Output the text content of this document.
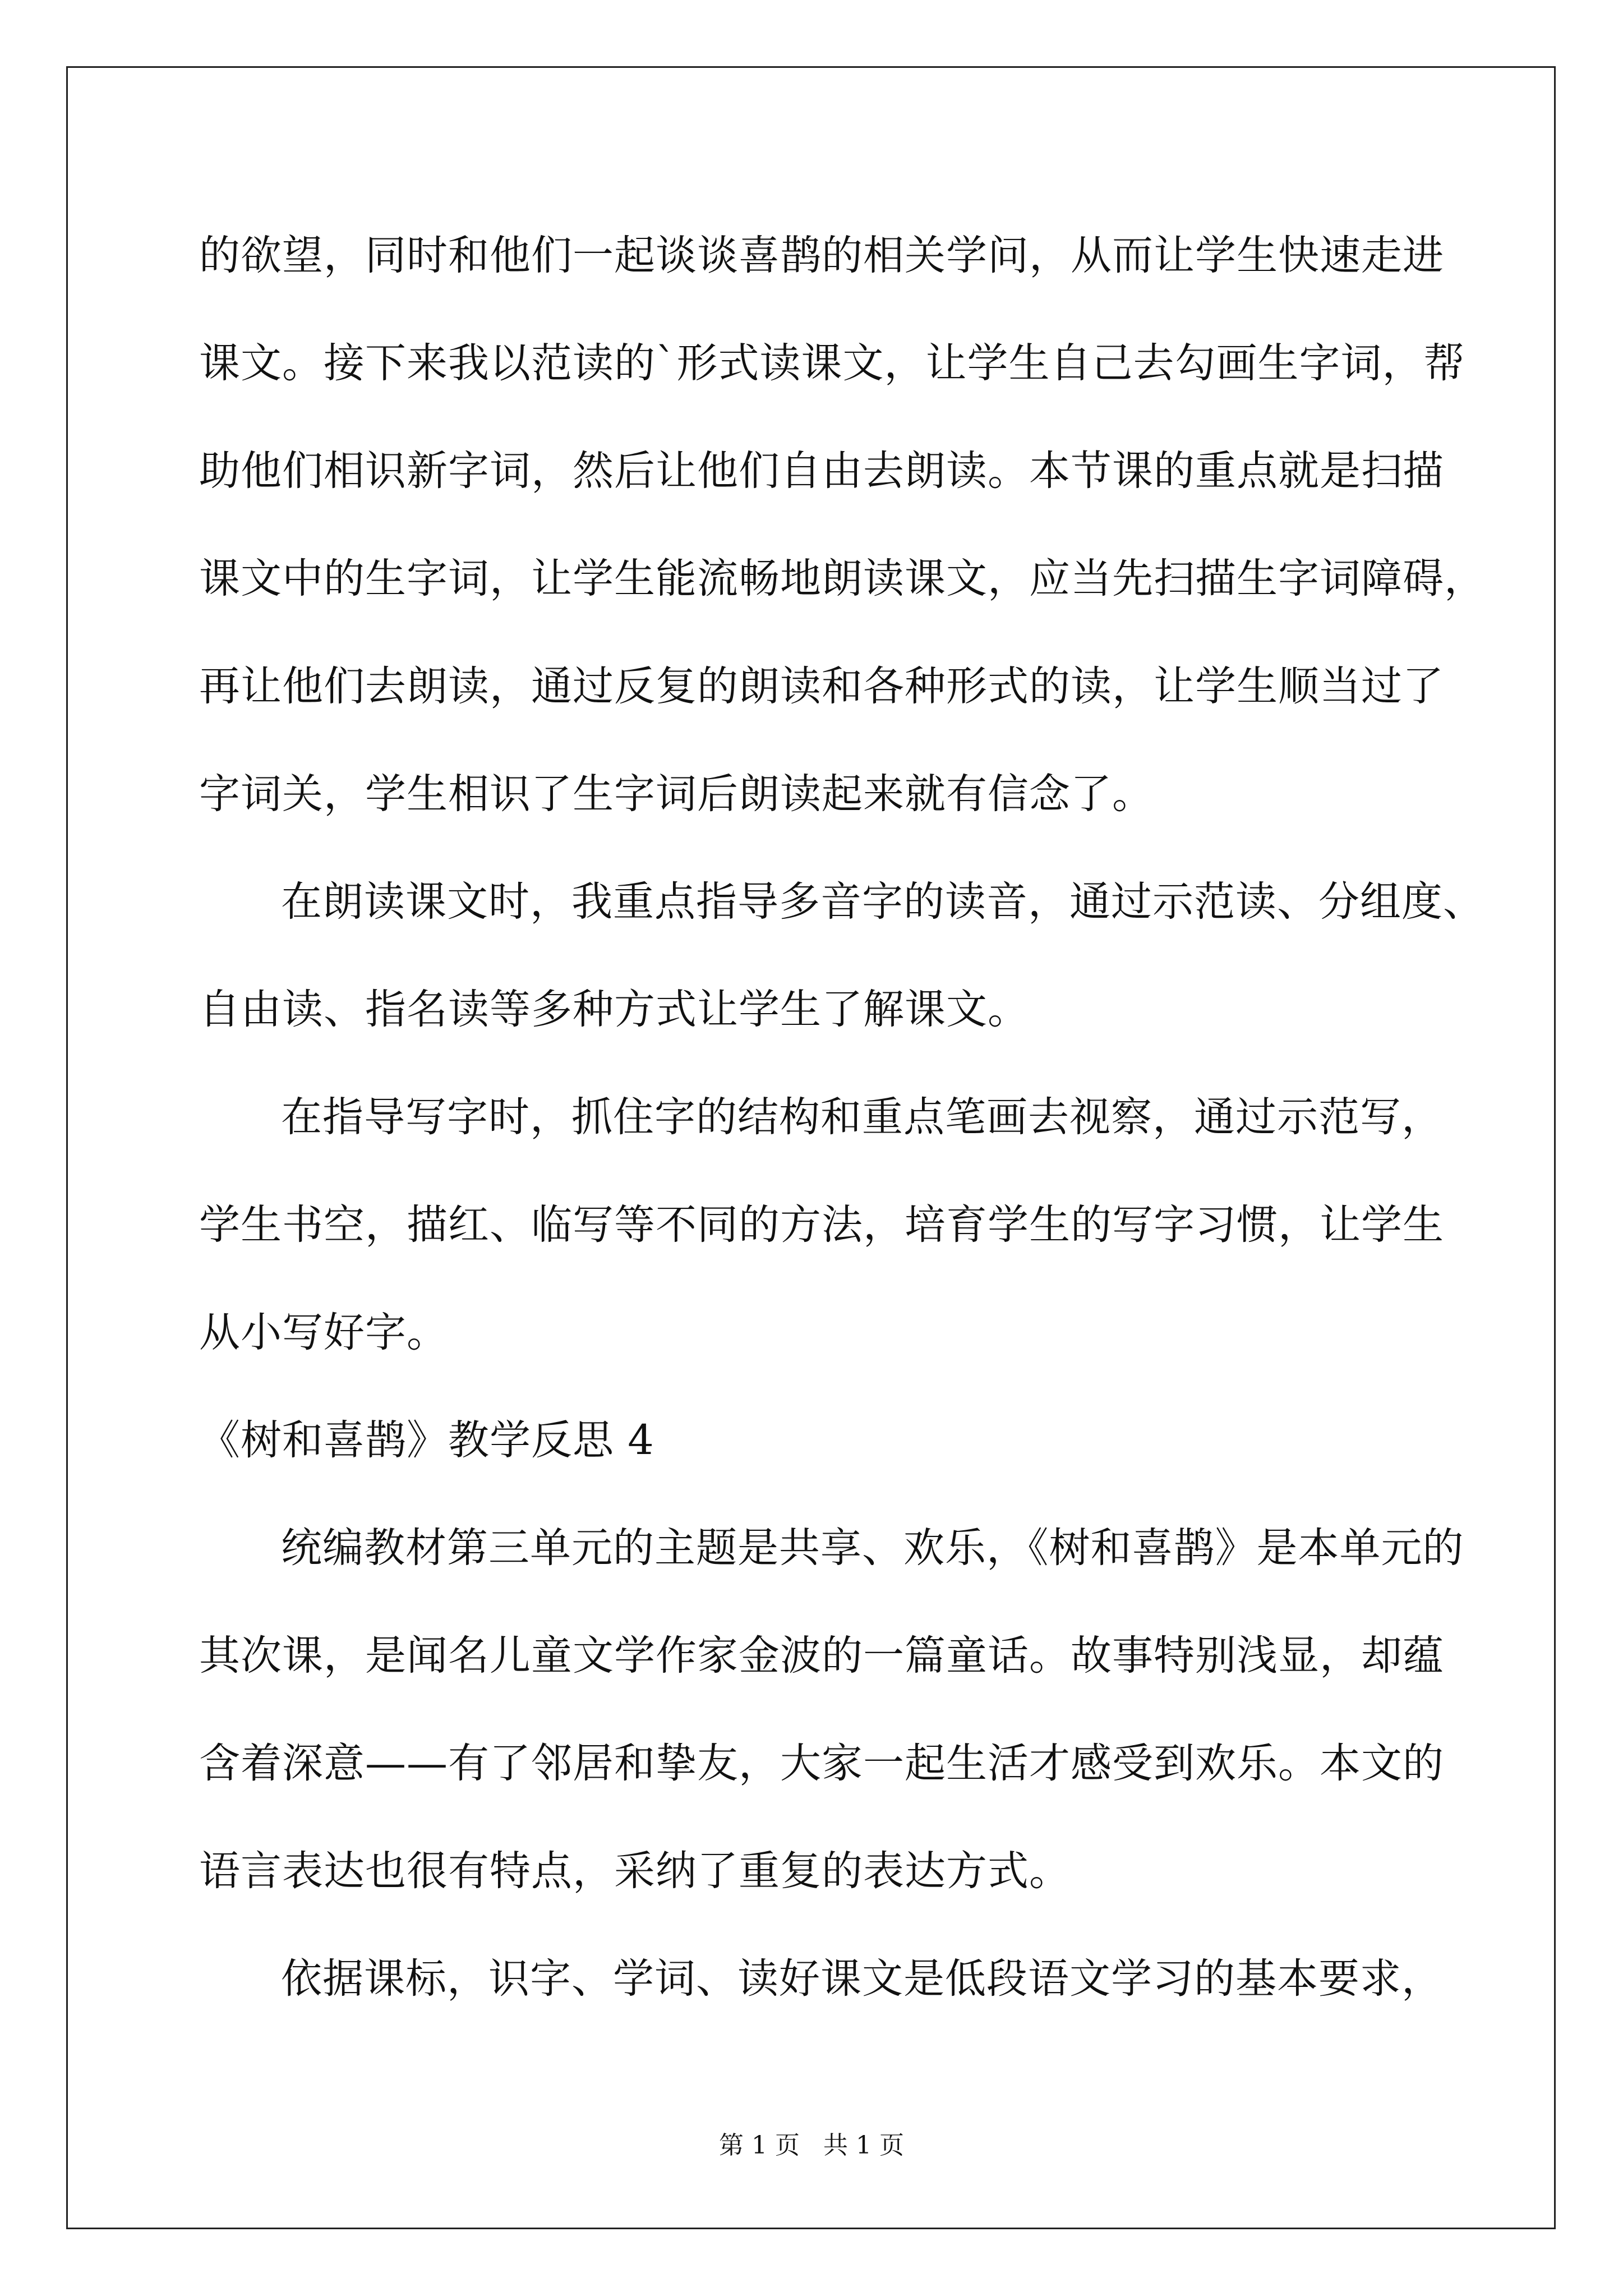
的欲望，同时和他们一起谈谈喜鹊的相关学问，从而让学生快速走进
课文。接下来我以范读的`形式读课文，让学生自己去勾画生字词，帮
助他们相识新字词，然后让他们自由去朗读。本节课的重点就是扫描
课文中的生字词，让学生能流畅地朗读课文，应当先扫描生字词障碍，
再让他们去朗读，通过反复的朗读和各种形式的读，让学生顺当过了
字词关，学生相识了生字词后朗读起来就有信念了。
在朗读课文时，我重点指导多音字的读音，通过示范读、分组度、
自由读、指名读等多种方式让学生了解课文。
在指导写字时，抓住字的结构和重点笔画去视察，通过示范写，
学生书空，描红、临写等不同的方法，培育学生的写字习惯，让学生
从小写好字。
《树和喜鹊》教学反思 4
统编教材第三单元的主题是共享、欢乐，《树和喜鹊》是本单元的
其次课，是闻名儿童文学作家金波的一篇童话。故事特别浅显，却蕴
含着深意——有了邻居和挚友，大家一起生活才感受到欢乐。本文的
语言表达也很有特点，采纳了重复的表达方式。
依据课标，识字、学词、读好课文是低段语文学习的基本要求，
第 1 页   共 1 页
